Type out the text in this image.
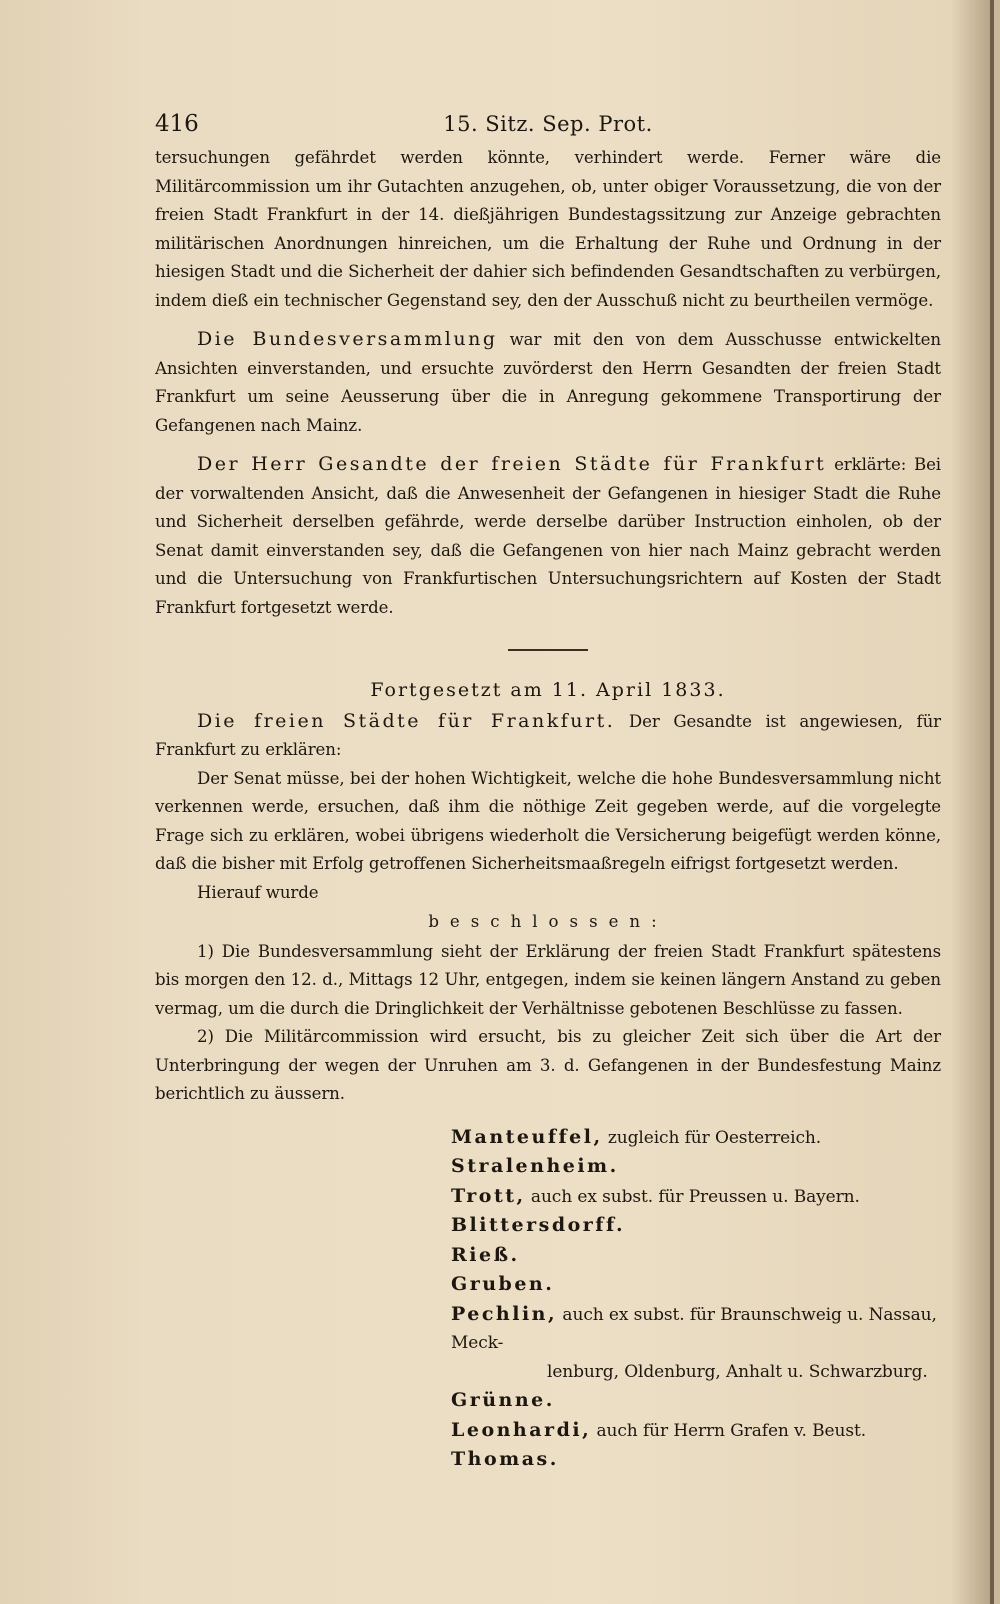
416	15. Sitz. Sep. Prot.

tersuchungen gefährdet werden könnte, verhindert werde. Ferner wäre die Militärcommission um ihr Gutachten anzugehen, ob, unter obiger Voraussetzung, die von der freien Stadt Frankfurt in der 14. dießjährigen Bundestagssitzung zur Anzeige gebrachten militärischen Anordnungen hinreichen, um die Erhaltung der Ruhe und Ordnung in der hiesigen Stadt und die Sicherheit der dahier sich befindenden Gesandtschaften zu verbürgen, indem dieß ein technischer Gegenstand sey, den der Ausschuß nicht zu beurtheilen vermöge.

Die Bundesversammlung war mit den von dem Ausschusse entwickelten Ansichten einverstanden, und ersuchte zuvörderst den Herrn Gesandten der freien Stadt Frankfurt um seine Aeusserung über die in Anregung gekommene Transportirung der Gefangenen nach Mainz.

Der Herr Gesandte der freien Städte für Frankfurt erklärte: Bei der vorwaltenden Ansicht, daß die Anwesenheit der Gefangenen in hiesiger Stadt die Ruhe und Sicherheit derselben gefährde, werde derselbe darüber Instruction einholen, ob der Senat damit einverstanden sey, daß die Gefangenen von hier nach Mainz gebracht werden und die Untersuchung von Frankfurtischen Untersuchungsrichtern auf Kosten der Stadt Frankfurt fortgesetzt werde.

Fortgesetzt am 11. April 1833.

Die freien Städte für Frankfurt. Der Gesandte ist angewiesen, für Frankfurt zu erklären:

Der Senat müsse, bei der hohen Wichtigkeit, welche die hohe Bundesversammlung nicht verkennen werde, ersuchen, daß ihm die nöthige Zeit gegeben werde, auf die vorgelegte Frage sich zu erklären, wobei übrigens wiederholt die Versicherung beigefügt werden könne, daß die bisher mit Erfolg getroffenen Sicherheitsmaaßregeln eifrigst fortgesetzt werden.

Hierauf wurde

beschlossen:

1) Die Bundesversammlung sieht der Erklärung der freien Stadt Frankfurt spätestens bis morgen den 12. d., Mittags 12 Uhr, entgegen, indem sie keinen längern Anstand zu geben vermag, um die durch die Dringlichkeit der Verhältnisse gebotenen Beschlüsse zu fassen.

2) Die Militärcommission wird ersucht, bis zu gleicher Zeit sich über die Art der Unterbringung der wegen der Unruhen am 3. d. Gefangenen in der Bundesfestung Mainz berichtlich zu äussern.

Manteuffel, zugleich für Oesterreich.
Stralenheim.
Trott, auch ex subst. für Preussen u. Bayern.
Blittersdorff.
Rieß.
Gruben.
Pechlin, auch ex subst. für Braunschweig u. Nassau, Meck-
lenburg, Oldenburg, Anhalt u. Schwarzburg.
Grünne.
Leonhardi, auch für Herrn Grafen v. Beust.
Thomas.
